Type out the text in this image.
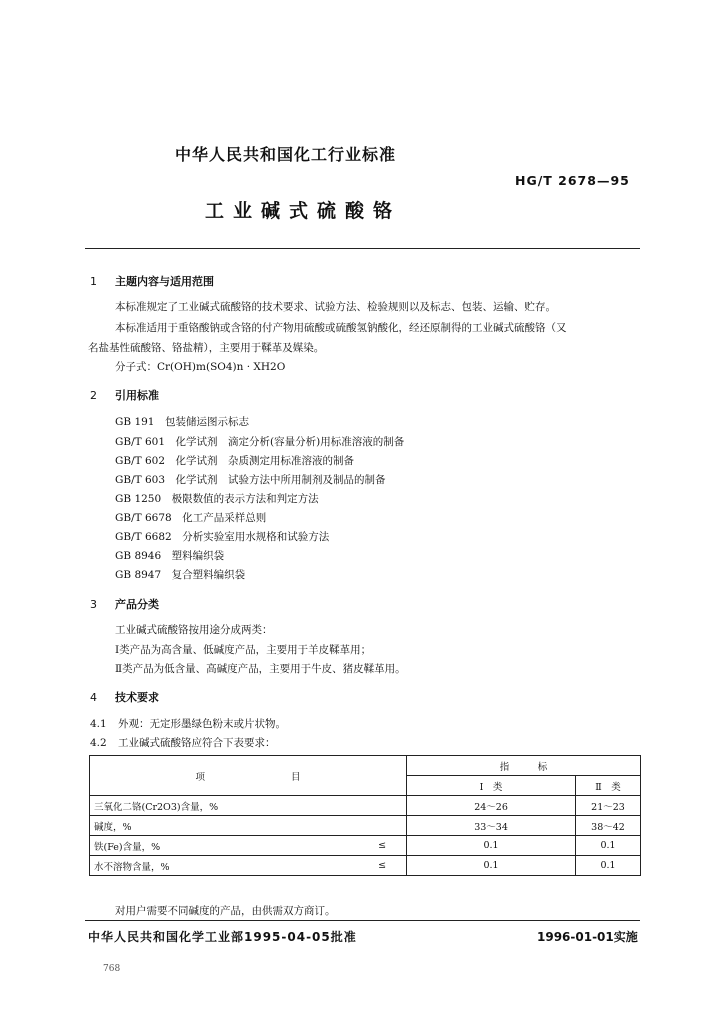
中华人民共和国化工行业标准
HG/T 2678—95
工业碱式硫酸铬
1 主题内容与适用范围
本标准规定了工业碱式硫酸铬的技术要求、试验方法、检验规则以及标志、包装、运输、贮存。
本标准适用于重铬酸钠或含铬的付产物用硫酸或硫酸氢钠酸化，经还原制得的工业碱式硫酸铬（又
名盐基性硫酸铬、铬盐精），主要用于鞣革及媒染。
分子式：Cr(OH)m(SO4)n · XH2O
2 引用标准
GB 191　包装储运图示标志
GB/T 601　化学试剂　滴定分析(容量分析)用标准溶液的制备
GB/T 602　化学试剂　杂质测定用标准溶液的制备
GB/T 603　化学试剂　试验方法中所用制剂及制品的制备
GB 1250　极限数值的表示方法和判定方法
GB/T 6678　化工产品采样总则
GB/T 6682　分析实验室用水规格和试验方法
GB 8946　塑料编织袋
GB 8947　复合塑料编织袋
3 产品分类
工业碱式硫酸铬按用途分成两类：
Ⅰ类产品为高含量、低碱度产品，主要用于羊皮鞣革用；
Ⅱ类产品为低含量、高碱度产品，主要用于牛皮、猪皮鞣革用。
4 技术要求
4.1 外观：无定形墨绿色粉末或片状物。
4.2 工业碱式硫酸铬应符合下表要求：
项 目		指　　　标	
		Ⅰ　类	Ⅱ　类
三氧化二铬(Cr2O3)含量，%		24～26	21～23
碱度，%		33～34	38～42
铁(Fe)含量，%	≤	0.1	0.1
水不溶物含量，%	≤	0.1	0.1
对用户需要不同碱度的产品，由供需双方商订。
中华人民共和国化学工业部1995-04-05批准	1996-01-01实施
768
